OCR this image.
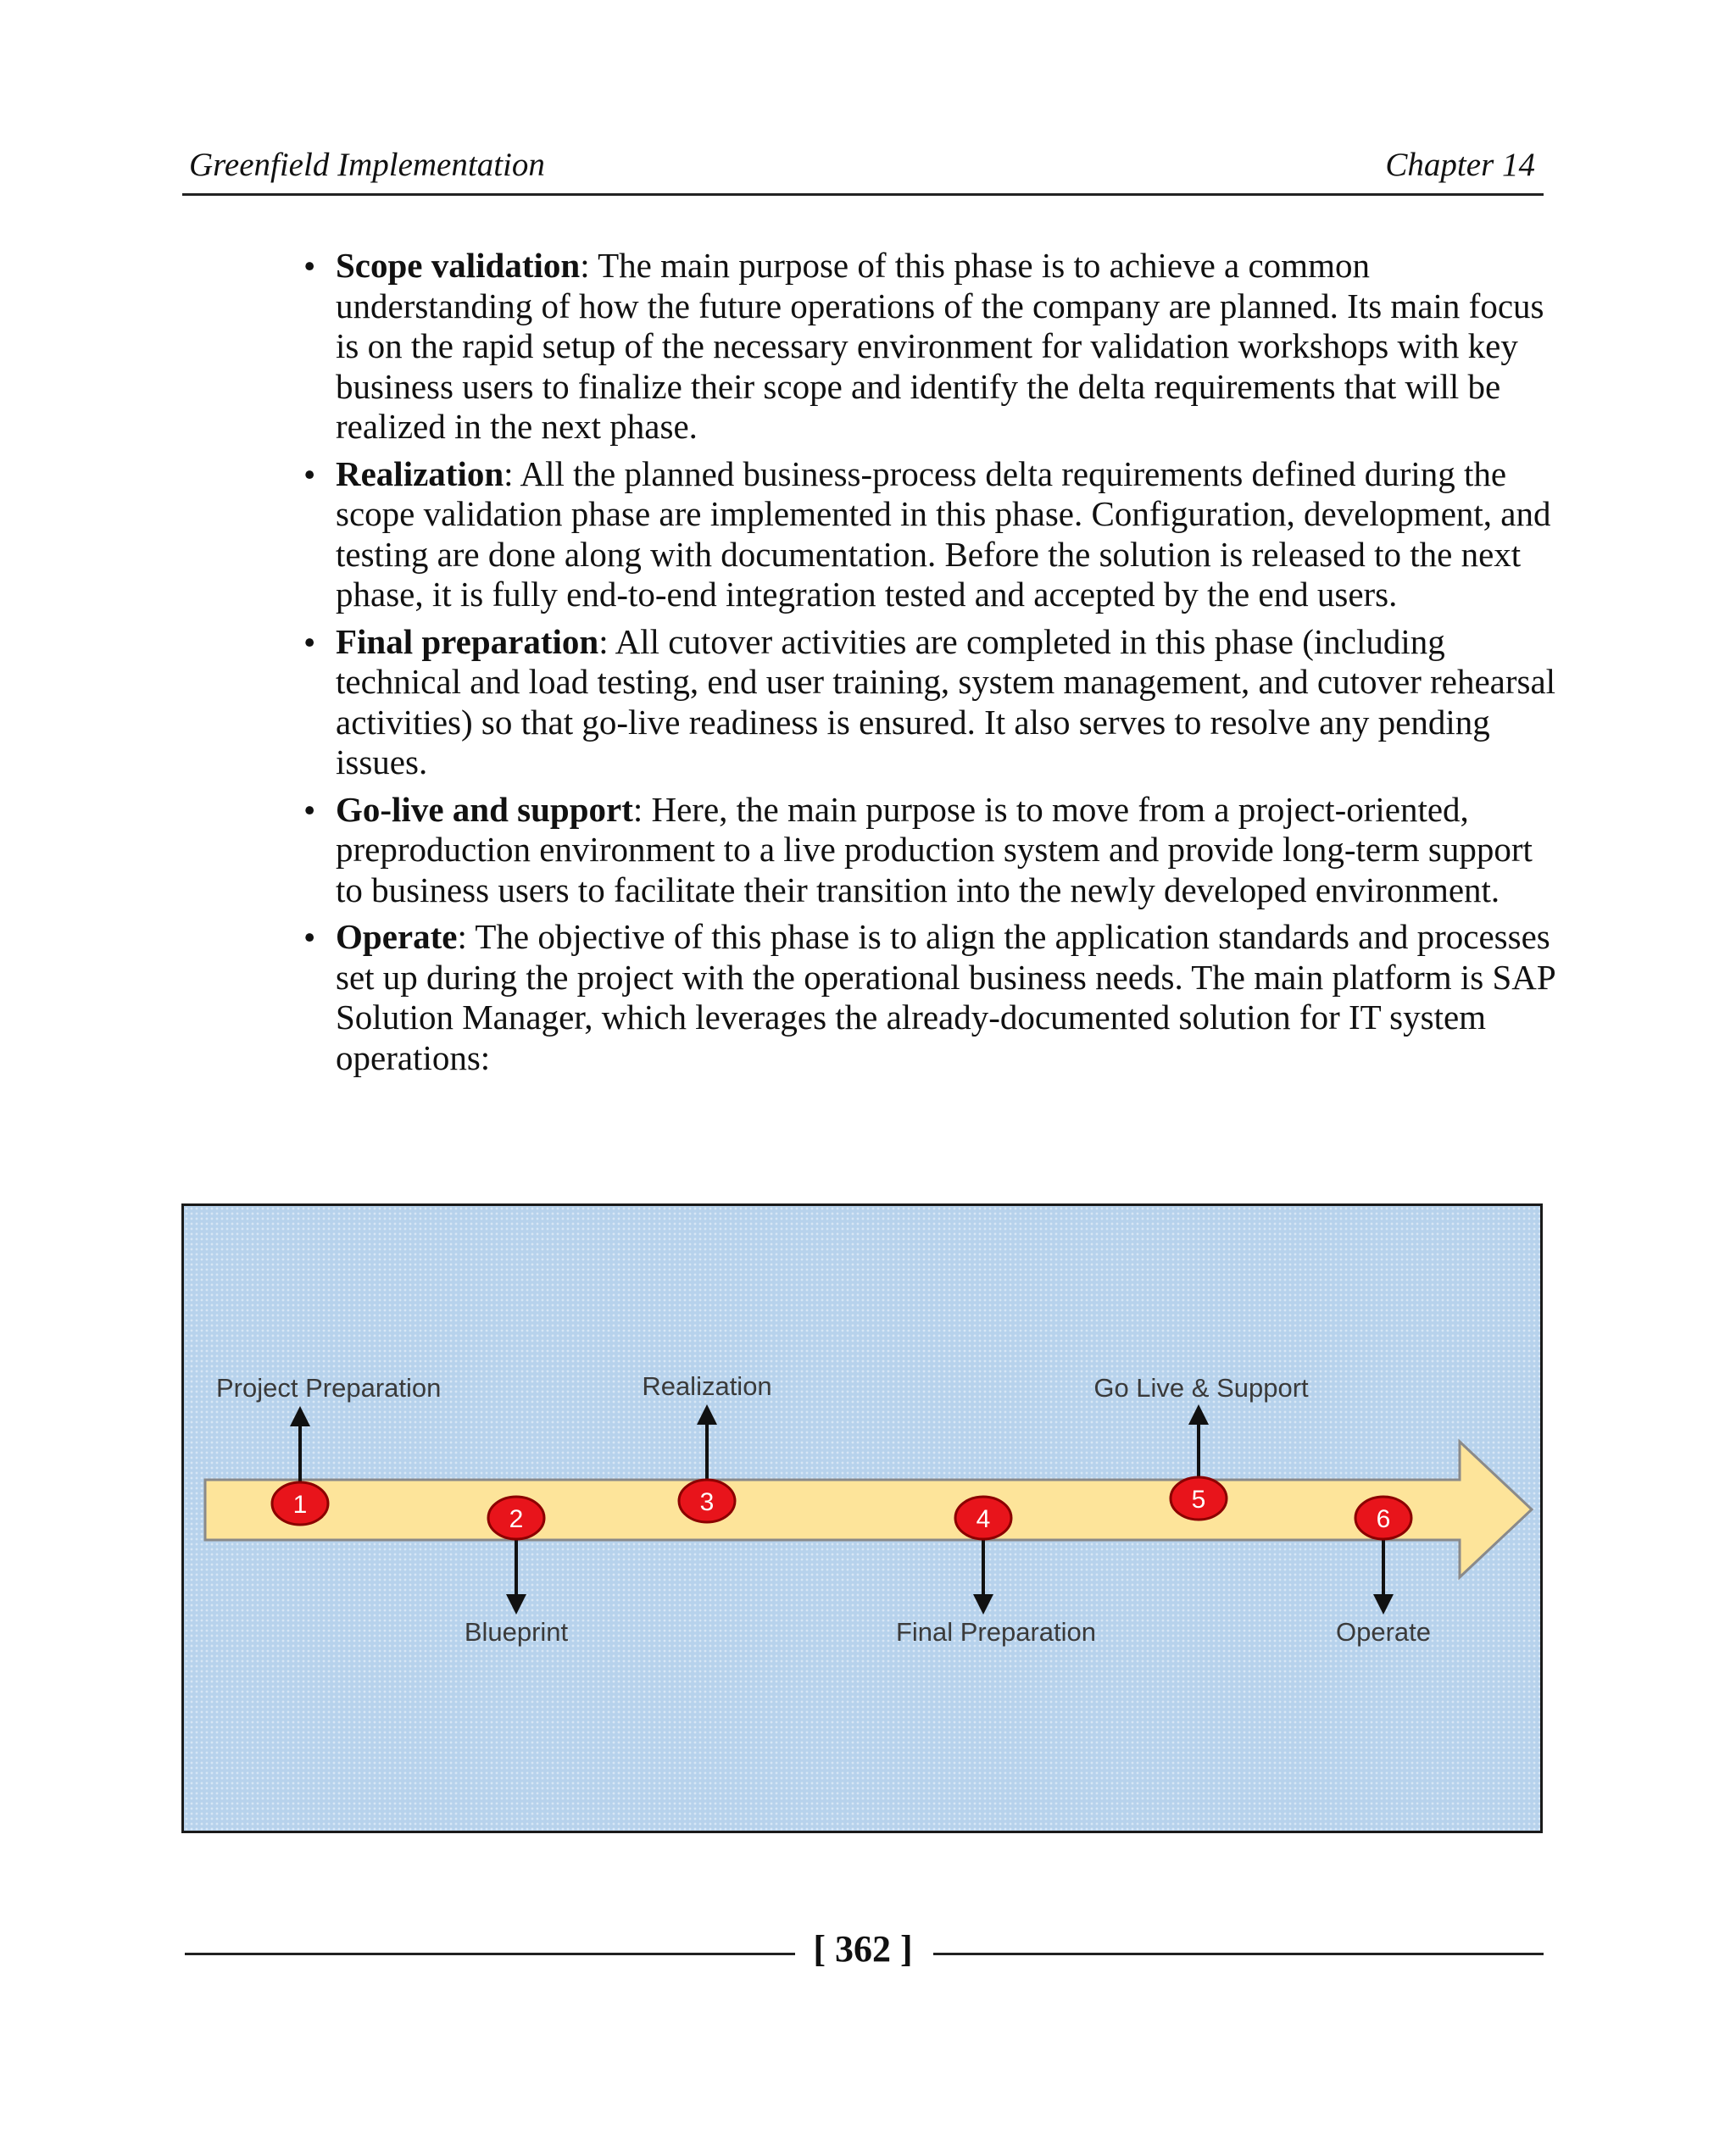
Greenfield Implementation	Chapter 14
• Scope validation: The main purpose of this phase is to achieve a common understanding of how the future operations of the company are planned. Its main focus is on the rapid setup of the necessary environment for validation workshops with key business users to finalize their scope and identify the delta requirements that will be realized in the next phase.
• Realization: All the planned business-process delta requirements defined during the scope validation phase are implemented in this phase. Configuration, development, and testing are done along with documentation. Before the solution is released to the next phase, it is fully end-to-end integration tested and accepted by the end users.
• Final preparation: All cutover activities are completed in this phase (including technical and load testing, end user training, system management, and cutover rehearsal activities) so that go-live readiness is ensured. It also serves to resolve any pending issues.
• Go-live and support: Here, the main purpose is to move from a project-oriented, preproduction environment to a live production system and provide long-term support to business users to facilitate their transition into the newly developed environment.
• Operate: The objective of this phase is to align the application standards and processes set up during the project with the operational business needs. The main platform is SAP Solution Manager, which leverages the already-documented solution for IT system operations:
1
Project Preparation
2
Blueprint
3
Realization
4
Final Preparation
5
Go Live & Support
6
Operate
[ 362 ]
